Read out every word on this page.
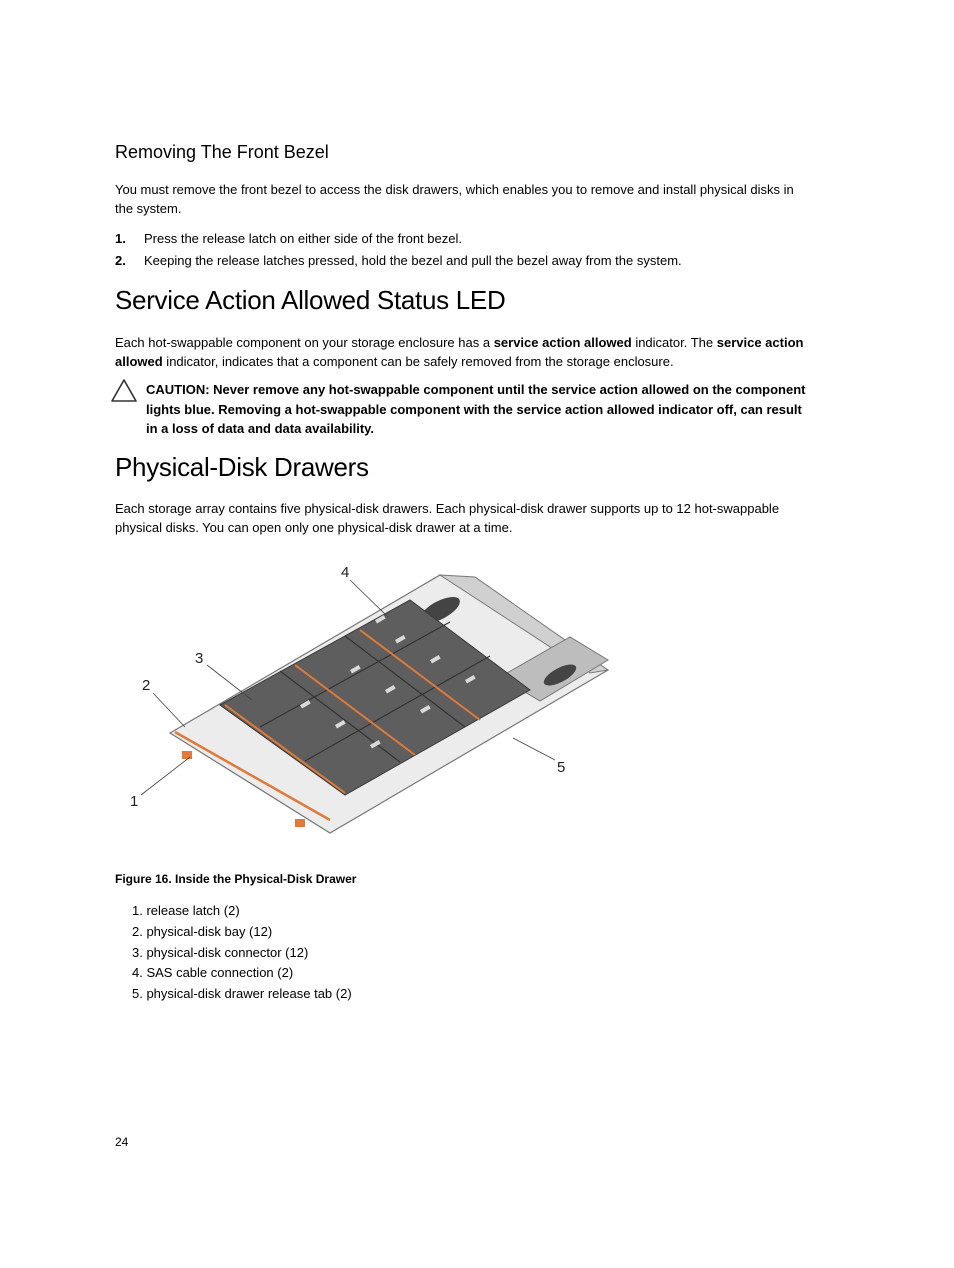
Removing The Front Bezel
You must remove the front bezel to access the disk drawers, which enables you to remove and install physical disks in the system.
1. Press the release latch on either side of the front bezel.
2. Keeping the release latches pressed, hold the bezel and pull the bezel away from the system.
Service Action Allowed Status LED
Each hot-swappable component on your storage enclosure has a service action allowed indicator. The service action allowed indicator, indicates that a component can be safely removed from the storage enclosure.
CAUTION: Never remove any hot-swappable component until the service action allowed on the component lights blue. Removing a hot-swappable component with the service action allowed indicator off, can result in a loss of data and data availability.
Physical-Disk Drawers
Each storage array contains five physical-disk drawers. Each physical-disk drawer supports up to 12 hot-swappable physical disks. You can open only one physical-disk drawer at a time.
1
2
3
4
5
Figure 16. Inside the Physical-Disk Drawer
1. release latch (2)
2. physical-disk bay (12)
3. physical-disk connector (12)
4. SAS cable connection (2)
5. physical-disk drawer release tab (2)
24
